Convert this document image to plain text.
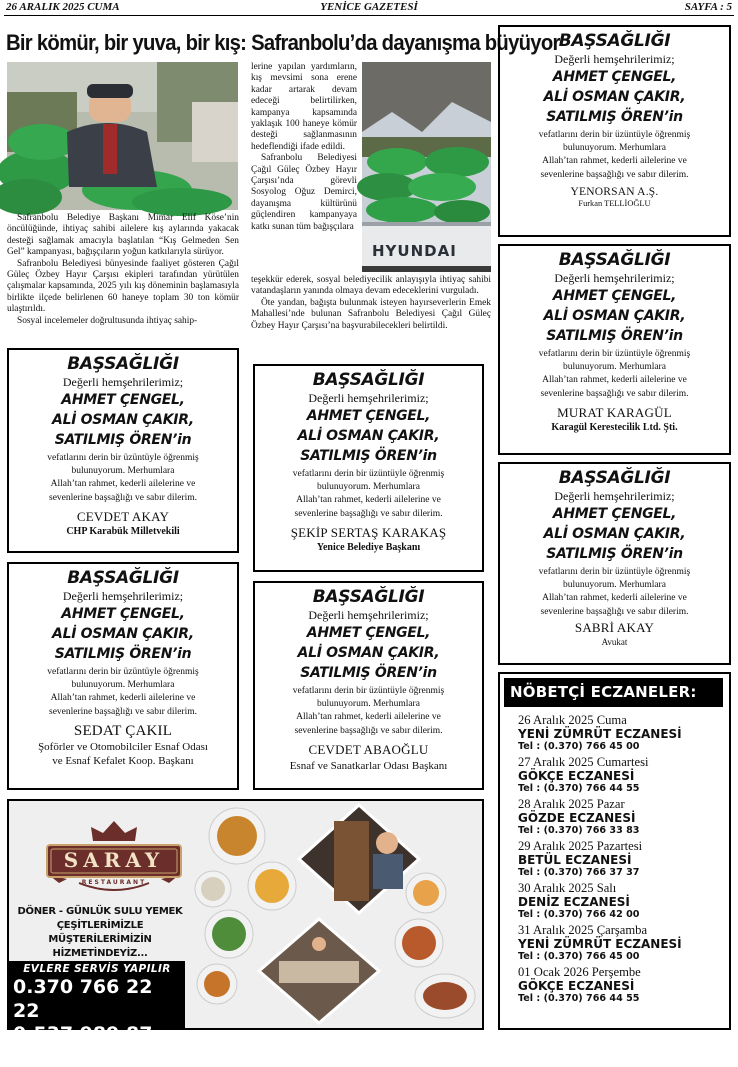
26 ARALIK 2025 CUMA	YENİCE GAZETESİ	SAYFA : 5
Bir kömür, bir yuva, bir kış: Safranbolu’da dayanışma büyüyor
HYUNDAI

Safranbolu Belediye Başkanı Mimar Elif Köse’nin öncülüğünde, ihtiyaç sahibi ailelere kış aylarında yakacak desteği sağlamak amacıyla başlatılan “Kış Gelmeden Sen Gel” kampanyası, bağışçıların yoğun katkılarıyla sürüyor.

Safranbolu Belediyesi bünyesinde faaliyet gösteren Çağıl Güleç Özbey Hayır Çarşısı ekipleri tarafından yürütülen çalışmalar kapsamında, 2025 yılı kış döneminin başlamasıyla birlikte ilçede belirlenen 60 haneye toplam 30 ton kömür ulaştırıldı.

Sosyal incelemeler doğrultusunda ihtiyaç sahip-

lerine yapılan yardımların, kış mevsimi sona erene kadar artarak devam edeceği belirtilirken, kampanya kapsamında yaklaşık 100 haneye kömür desteği sağlanmasının hedeflendiği ifade edildi.

Safranbolu Belediyesi Çağıl Güleç Özbey Hayır Çarşısı’nda görevli Sosyolog Oğuz Demirci, dayanışma kültürünü güçlendiren kampanyaya katkı sunan tüm bağışçılara

teşekkür ederek, sosyal belediyecilik anlayışıyla ihtiyaç sahibi vatandaşların yanında olmaya devam edeceklerini vurguladı.

Öte yandan, bağışta bulunmak isteyen hayırseverlerin Emek Mahallesi’nde bulunan Safranbolu Belediyesi Çağıl Güleç Özbey Hayır Çarşısı’na başvurabilecekleri belirtildi.

BAŞSAĞLIĞI
Değerli hemşehrilerimiz;
AHMET ÇENGEL,
ALİ OSMAN ÇAKIR,
SATILMIŞ ÖREN’in
vefatlarını derin bir üzüntüyle öğrenmiş
bulunuyorum. Merhumlara
Allah’tan rahmet, kederli ailelerine ve
sevenlerine başsağlığı ve sabır dilerim.
YENORSAN A.Ş.
Furkan TELLİOĞLU
BAŞSAĞLIĞI
Değerli hemşehrilerimiz;
AHMET ÇENGEL,
ALİ OSMAN ÇAKIR,
SATILMIŞ ÖREN’in
vefatlarını derin bir üzüntüyle öğrenmiş
bulunuyorum. Merhumlara
Allah’tan rahmet, kederli ailelerine ve
sevenlerine başsağlığı ve sabır dilerim.
MURAT KARAGÜL
Karagül Kerestecilik Ltd. Şti.
BAŞSAĞLIĞI
Değerli hemşehrilerimiz;
AHMET ÇENGEL,
ALİ OSMAN ÇAKIR,
SATILMIŞ ÖREN’in
vefatlarını derin bir üzüntüyle öğrenmiş
bulunuyorum. Merhumlara
Allah’tan rahmet, kederli ailelerine ve
sevenlerine başsağlığı ve sabır dilerim.
SABRİ AKAY
Avukat
BAŞSAĞLIĞI
Değerli hemşehrilerimiz;
AHMET ÇENGEL,
ALİ OSMAN ÇAKIR,
SATILMIŞ ÖREN’in
vefatlarını derin bir üzüntüyle öğrenmiş
bulunuyorum. Merhumlara
Allah’tan rahmet, kederli ailelerine ve
sevenlerine başsağlığı ve sabır dilerim.
CEVDET AKAY
CHP Karabük Milletvekili
BAŞSAĞLIĞI
Değerli hemşehrilerimiz;
AHMET ÇENGEL,
ALİ OSMAN ÇAKIR,
SATILMIŞ ÖREN’in
vefatlarını derin bir üzüntüyle öğrenmiş
bulunuyorum. Merhumlara
Allah’tan rahmet, kederli ailelerine ve
sevenlerine başsağlığı ve sabır dilerim.
ŞEKİP SERTAŞ KARAKAŞ
Yenice Belediye Başkanı
BAŞSAĞLIĞI
Değerli hemşehrilerimiz;
AHMET ÇENGEL,
ALİ OSMAN ÇAKIR,
SATILMIŞ ÖREN’in
vefatlarını derin bir üzüntüyle öğrenmiş
bulunuyorum. Merhumlara
Allah’tan rahmet, kederli ailelerine ve
sevenlerine başsağlığı ve sabır dilerim.
SEDAT ÇAKIL
Şoförler ve Otomobilciler Esnaf Odası
ve Esnaf Kefalet Koop. Başkanı
BAŞSAĞLIĞI
Değerli hemşehrilerimiz;
AHMET ÇENGEL,
ALİ OSMAN ÇAKIR,
SATILMIŞ ÖREN’in
vefatlarını derin bir üzüntüyle öğrenmiş
bulunuyorum. Merhumlara
Allah’tan rahmet, kederli ailelerine ve
sevenlerine başsağlığı ve sabır dilerim.
CEVDET ABAOĞLU
Esnaf ve Sanatkarlar Odası Başkanı
NÖBETÇİ ECZANELER:
26 Aralık 2025 Cuma
YENİ ZÜMRÜT ECZANESİ
Tel : (0.370) 766 45 00
27 Aralık 2025 Cumartesi
GÖKÇE ECZANESİ
Tel : (0.370) 766 44 55
28 Aralık 2025 Pazar
GÖZDE ECZANESİ
Tel : (0.370) 766 33 83
29 Aralık 2025 Pazartesi
BETÜL ECZANESİ
Tel : (0.370) 766 37 37
30 Aralık 2025 Salı
DENİZ ECZANESİ
Tel : (0.370) 766 42 00
31 Aralık 2025 Çarşamba
YENİ ZÜMRÜT ECZANESİ
Tel : (0.370) 766 45 00
01 Ocak 2026 Perşembe
GÖKÇE ECZANESİ
Tel : (0.370) 766 44 55
SARAY
RESTAURANT
DÖNER - GÜNLÜK SULU YEMEK
ÇEŞİTLERİMİZLE
MÜŞTERİLERİMİZİN HİZMETİNDEYİZ...
EVLERE SERVİS YAPILIR
0.370 766 22 22
0.537 989 87 12
